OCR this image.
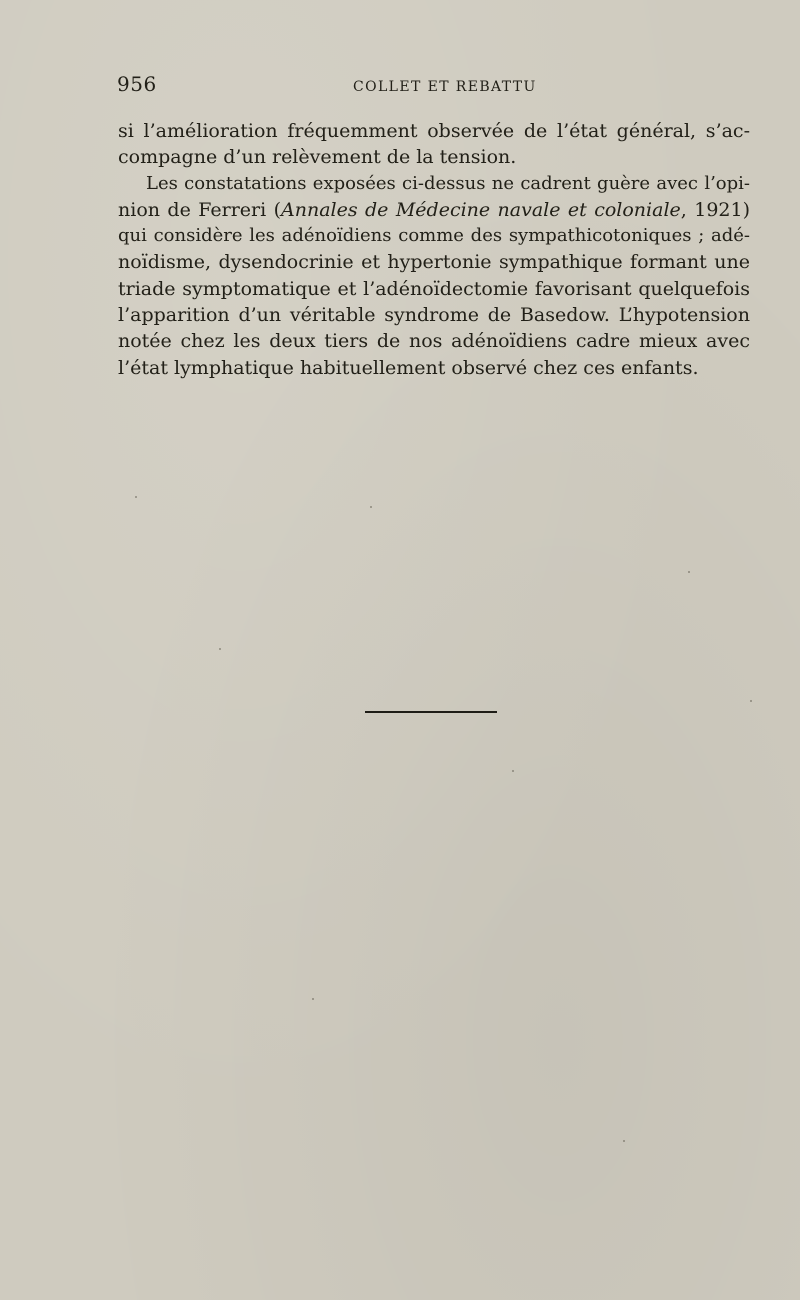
956	COLLET ET REBATTU
si l’amélioration fréquemment observée de l’état général, s’ac-
compagne d’un relèvement de la tension.
Les constatations exposées ci-dessus ne cadrent guère avec l’opi-
nion de Ferreri (Annales de Médecine navale et coloniale, 1921)
qui considère les adénoïdiens comme des sympathicotoniques ; adé-
noïdisme, dysendocrinie et hypertonie sympathique formant une
triade symptomatique et l’adénoïdectomie favorisant quelquefois
l’apparition d’un véritable syndrome de Basedow. L’hypotension
notée chez les deux tiers de nos adénoïdiens cadre mieux avec
l’état lymphatique habituellement observé chez ces enfants.
